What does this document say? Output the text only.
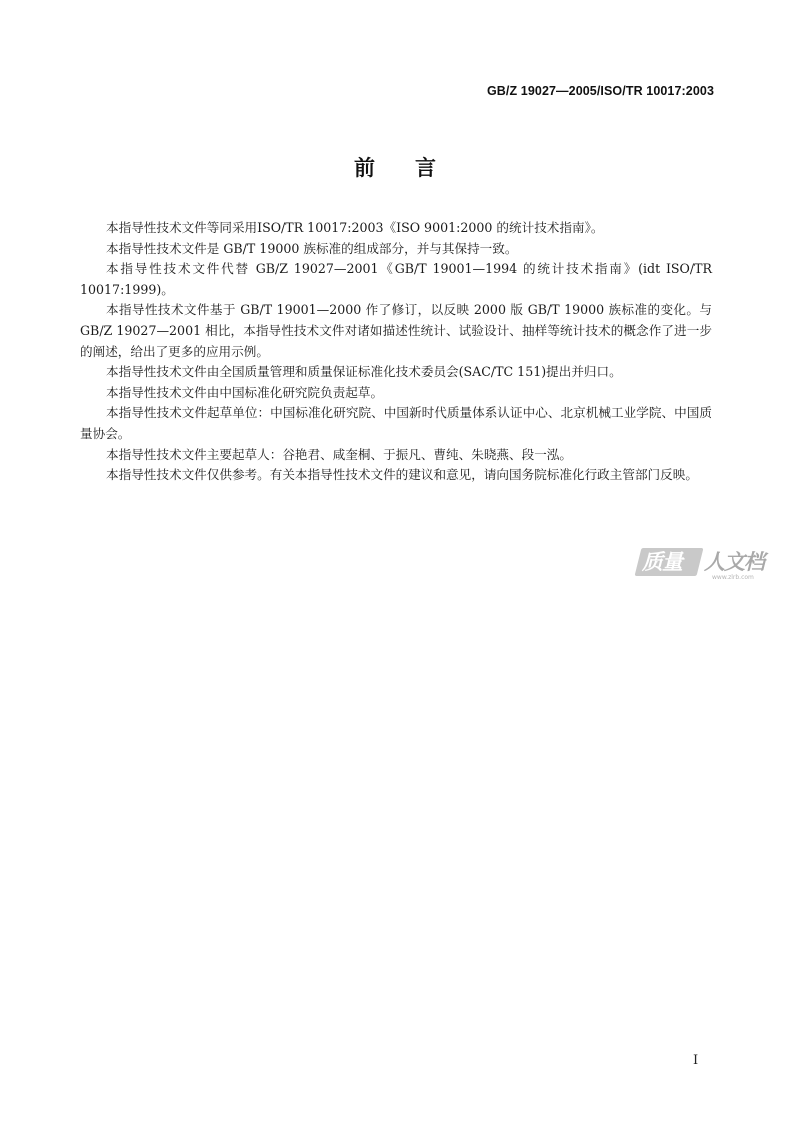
GB/Z 19027—2005/ISO/TR 10017:2003
前言

本指导性技术文件等同采用ISO/TR 10017:2003《ISO 9001:2000 的统计技术指南》。

本指导性技术文件是 GB/T 19000 族标准的组成部分，并与其保持一致。

本指导性技术文件代替 GB/Z 19027—2001《GB/T 19001—1994 的统计技术指南》(idt ISO/TR 10017:1999)。

本指导性技术文件基于 GB/T 19001—2000 作了修订，以反映 2000 版 GB/T 19000 族标准的变化。与 GB/Z 19027—2001 相比，本指导性技术文件对诸如描述性统计、试验设计、抽样等统计技术的概念作了进一步的阐述，给出了更多的应用示例。

本指导性技术文件由全国质量管理和质量保证标准化技术委员会(SAC/TC 151)提出并归口。

本指导性技术文件由中国标准化研究院负责起草。

本指导性技术文件起草单位：中国标准化研究院、中国新时代质量体系认证中心、北京机械工业学院、中国质量协会。

本指导性技术文件主要起草人：谷艳君、咸奎桐、于振凡、曹纯、朱晓燕、段一泓。

本指导性技术文件仅供参考。有关本指导性技术文件的建议和意见，请向国务院标准化行政主管部门反映。

质量	人文档
www.zlrb.com
I
